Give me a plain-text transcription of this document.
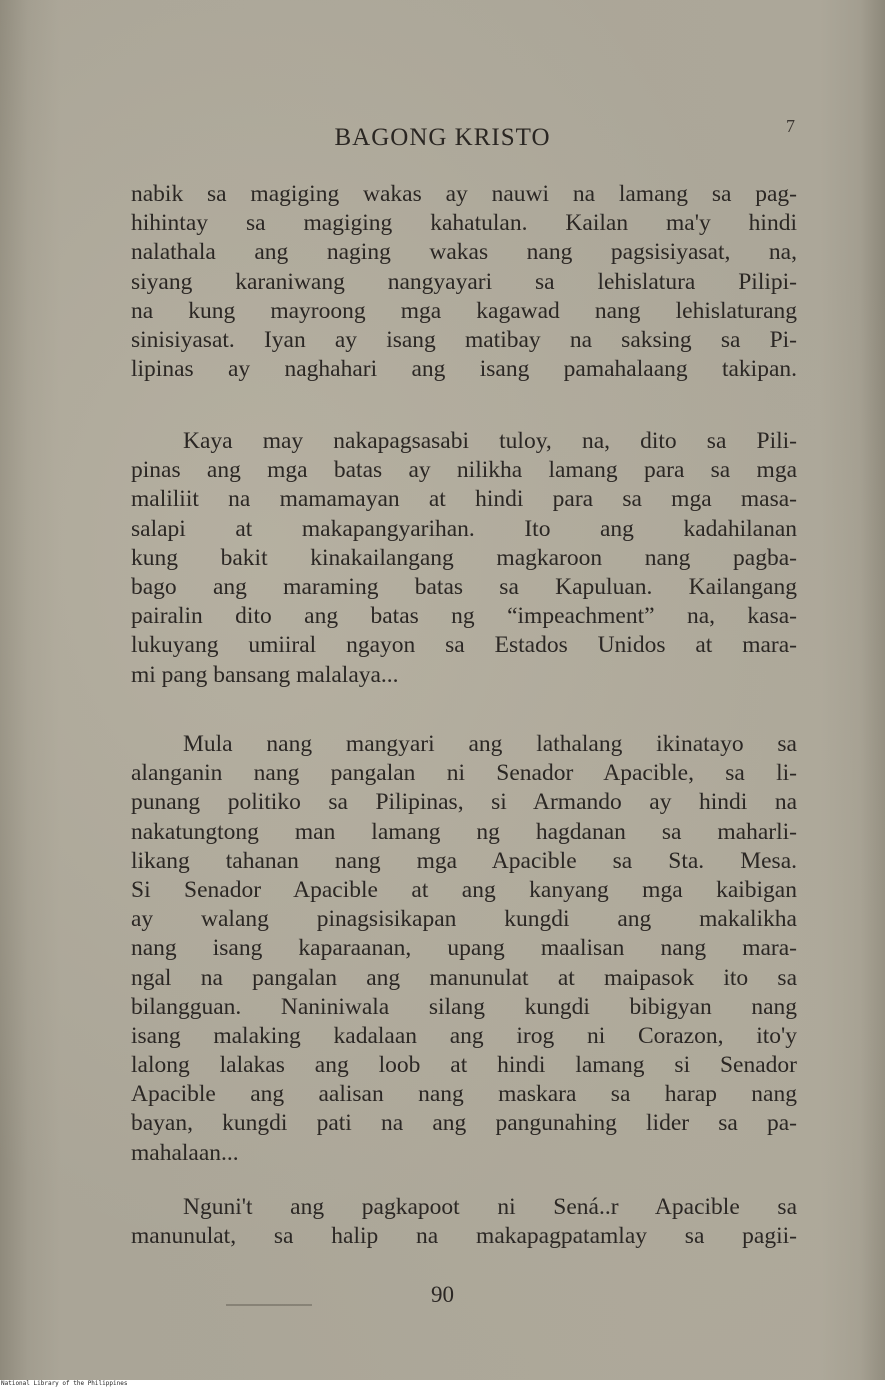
BAGONG KRISTO	7
nabik sa magiging wakas ay nauwi na lamang sa pag-
hihintay sa magiging kahatulan. Kailan ma'y hindi
nalathala ang naging wakas nang pagsisiyasat, na,
siyang karaniwang nangyayari sa lehislatura Pilipi-
na kung mayroong mga kagawad nang lehislaturang
sinisiyasat. Iyan ay isang matibay na saksing sa Pi-
lipinas ay naghahari ang isang pamahalaang takipan.
Kaya may nakapagsasabi tuloy, na, dito sa Pili-
pinas ang mga batas ay nilikha lamang para sa mga
maliliit na mamamayan at hindi para sa mga masa-
salapi at makapangyarihan. Ito ang kadahilanan
kung bakit kinakailangang magkaroon nang pagba-
bago ang maraming batas sa Kapuluan. Kailangang
pairalin dito ang batas ng “impeachment” na, kasa-
lukuyang umiiral ngayon sa Estados Unidos at mara-
mi pang bansang malalaya...
Mula nang mangyari ang lathalang ikinatayo sa
alanganin nang pangalan ni Senador Apacible, sa li-
punang politiko sa Pilipinas, si Armando ay hindi na
nakatungtong man lamang ng hagdanan sa maharli-
likang tahanan nang mga Apacible sa Sta. Mesa.
Si Senador Apacible at ang kanyang mga kaibigan
ay walang pinagsisikapan kungdi ang makalikha
nang isang kaparaanan, upang maalisan nang mara-
ngal na pangalan ang manunulat at maipasok ito sa
bilangguan. Naniniwala silang kungdi bibigyan nang
isang malaking kadalaan ang irog ni Corazon, ito'y
lalong lalakas ang loob at hindi lamang si Senador
Apacible ang aalisan nang maskara sa harap nang
bayan, kungdi pati na ang pangunahing lider sa pa-
mahalaan...
Nguni't ang pagkapoot ni Sená..r Apacible sa
manunulat, sa halip na makapagpatamlay sa pagii-
90
National Library of the Philippines
